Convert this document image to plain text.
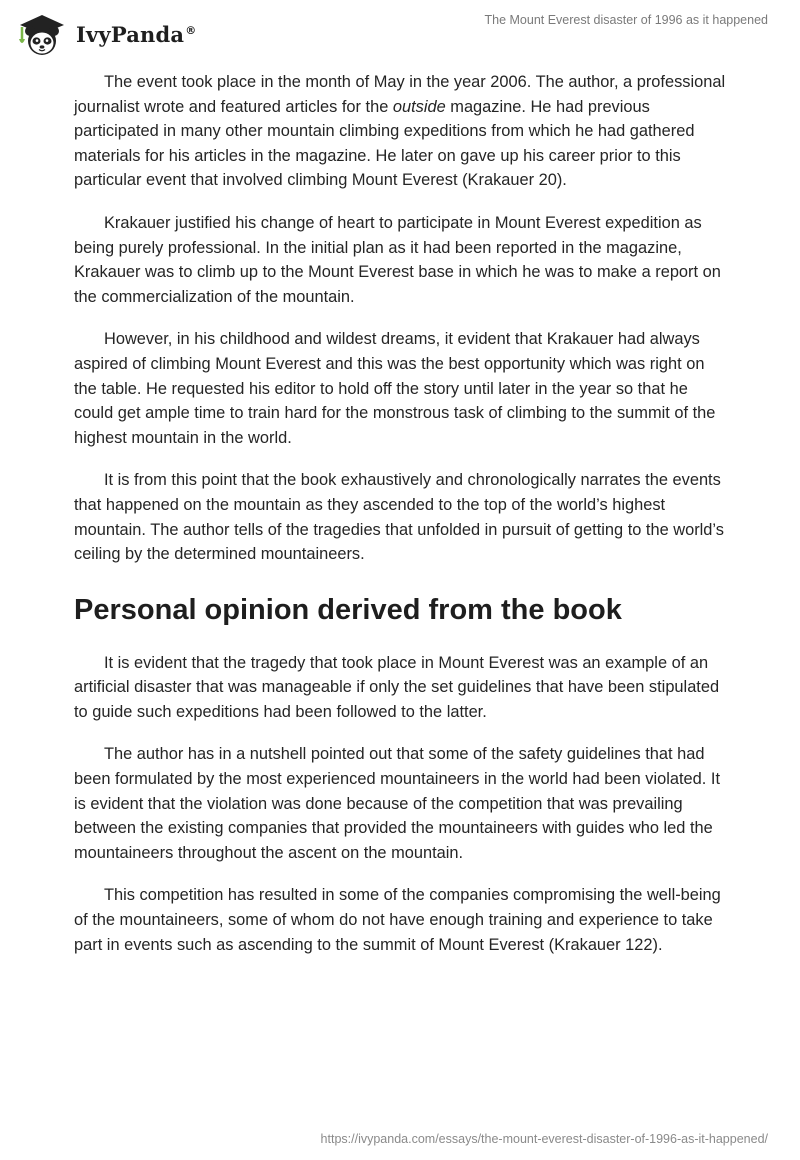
IvyPanda®
The Mount Everest disaster of 1996 as it happened

The event took place in the month of May in the year 2006. The author, a professional journalist wrote and featured articles for the outside magazine. He had previous participated in many other mountain climbing expeditions from which he had gathered materials for his articles in the magazine. He later on gave up his career prior to this particular event that involved climbing Mount Everest (Krakauer 20).

Krakauer justified his change of heart to participate in Mount Everest expedition as being purely professional. In the initial plan as it had been reported in the magazine, Krakauer was to climb up to the Mount Everest base in which he was to make a report on the commercialization of the mountain.

However, in his childhood and wildest dreams, it evident that Krakauer had always aspired of climbing Mount Everest and this was the best opportunity which was right on the table. He requested his editor to hold off the story until later in the year so that he could get ample time to train hard for the monstrous task of climbing to the summit of the highest mountain in the world.

It is from this point that the book exhaustively and chronologically narrates the events that happened on the mountain as they ascended to the top of the world’s highest mountain. The author tells of the tragedies that unfolded in pursuit of getting to the world’s ceiling by the determined mountaineers.

Personal opinion derived from the book

It is evident that the tragedy that took place in Mount Everest was an example of an artificial disaster that was manageable if only the set guidelines that have been stipulated to guide such expeditions had been followed to the latter.

The author has in a nutshell pointed out that some of the safety guidelines that had been formulated by the most experienced mountaineers in the world had been violated. It is evident that the violation was done because of the competition that was prevailing between the existing companies that provided the mountaineers with guides who led the mountaineers throughout the ascent on the mountain.

This competition has resulted in some of the companies compromising the well-being of the mountaineers, some of whom do not have enough training and experience to take part in events such as ascending to the summit of Mount Everest (Krakauer 122).

https://ivypanda.com/essays/the-mount-everest-disaster-of-1996-as-it-happened/
